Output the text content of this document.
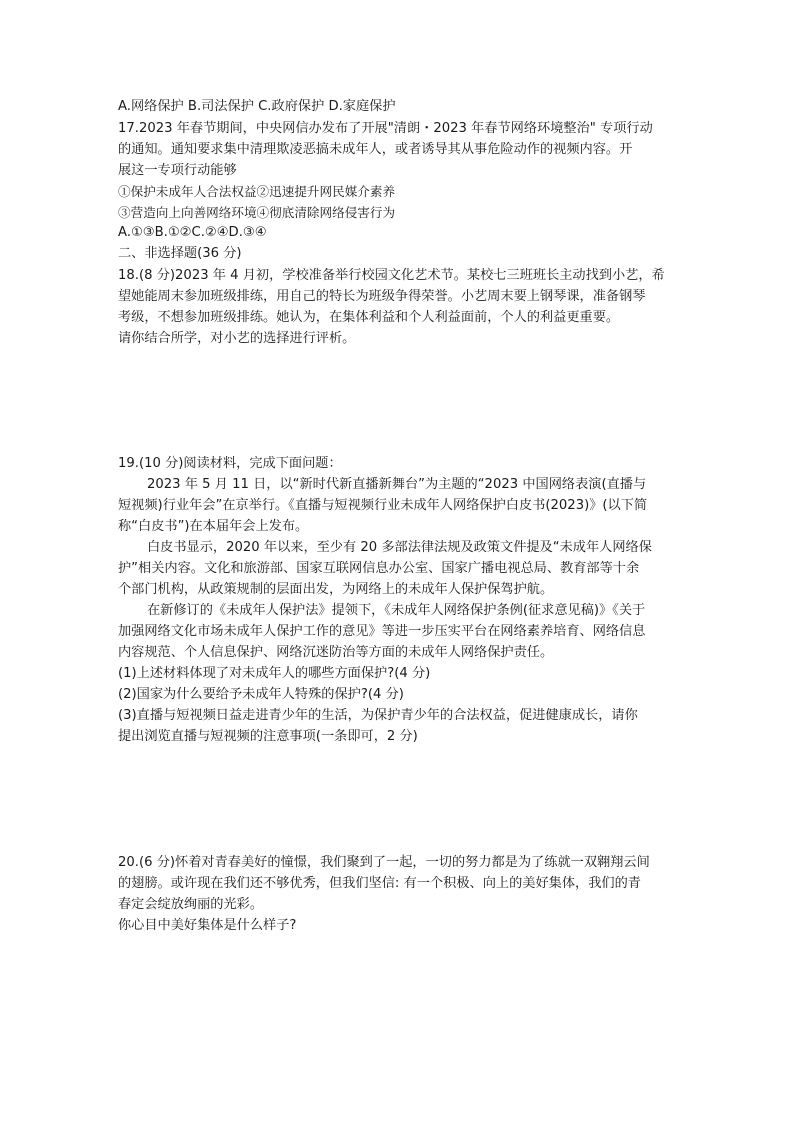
A.网络保护 B.司法保护 C.政府保护 D.家庭保护
17.2023 年春节期间，中央网信办发布了开展"清朗・2023 年春节网络环境整治" 专项行动
的通知。通知要求集中清理欺凌恶搞未成年人，或者诱导其从事危险动作的视频内容。开
展这一专项行动能够
①保护未成年人合法权益②迅速提升网民媒介素养
③营造向上向善网络环境④彻底清除网络侵害行为
A.①③B.①②C.②④D.③④
二、非选择题(36 分)
18.(8 分)2023 年 4 月初，学校准备举行校园文化艺术节。某校七三班班长主动找到小艺，希
望她能周末参加班级排练，用自己的特长为班级争得荣誉。小艺周末要上钢琴课，准备钢琴
考级，不想参加班级排练。她认为，在集体利益和个人利益面前，个人的利益更重要。
请你结合所学，对小艺的选择进行评析。
19.(10 分)阅读材料，完成下面问题：
2023 年 5 月 11 日，以“新时代新直播新舞台”为主题的“2023 中国网络表演(直播与
短视频)行业年会”在京举行。《直播与短视频行业未成年人网络保护白皮书(2023)》(以下简
称“白皮书”)在本届年会上发布。
白皮书显示，2020 年以来，至少有 20 多部法律法规及政策文件提及“未成年人网络保
护”相关内容。文化和旅游部、国家互联网信息办公室、国家广播电视总局、教育部等十余
个部门机构，从政策规制的层面出发，为网络上的未成年人保护保驾护航。
在新修订的《未成年人保护法》提领下，《未成年人网络保护条例(征求意见稿)》《关于
加强网络文化市场未成年人保护工作的意见》等进一步压实平台在网络素养培育、网络信息
内容规范、个人信息保护、网络沉迷防治等方面的未成年人网络保护责任。
(1)上述材料体现了对未成年人的哪些方面保护?(4 分)
(2)国家为什么要给予未成年人特殊的保护?(4 分)
(3)直播与短视频日益走进青少年的生活，为保护青少年的合法权益，促进健康成长，请你
提出浏览直播与短视频的注意事项(一条即可，2 分)
20.(6 分)怀着对青春美好的憧憬，我们聚到了一起，一切的努力都是为了练就一双翱翔云间
的翅膀。或许现在我们还不够优秀，但我们坚信: 有一个积极、向上的美好集体，我们的青
春定会绽放绚丽的光彩。
你心目中美好集体是什么样子?
